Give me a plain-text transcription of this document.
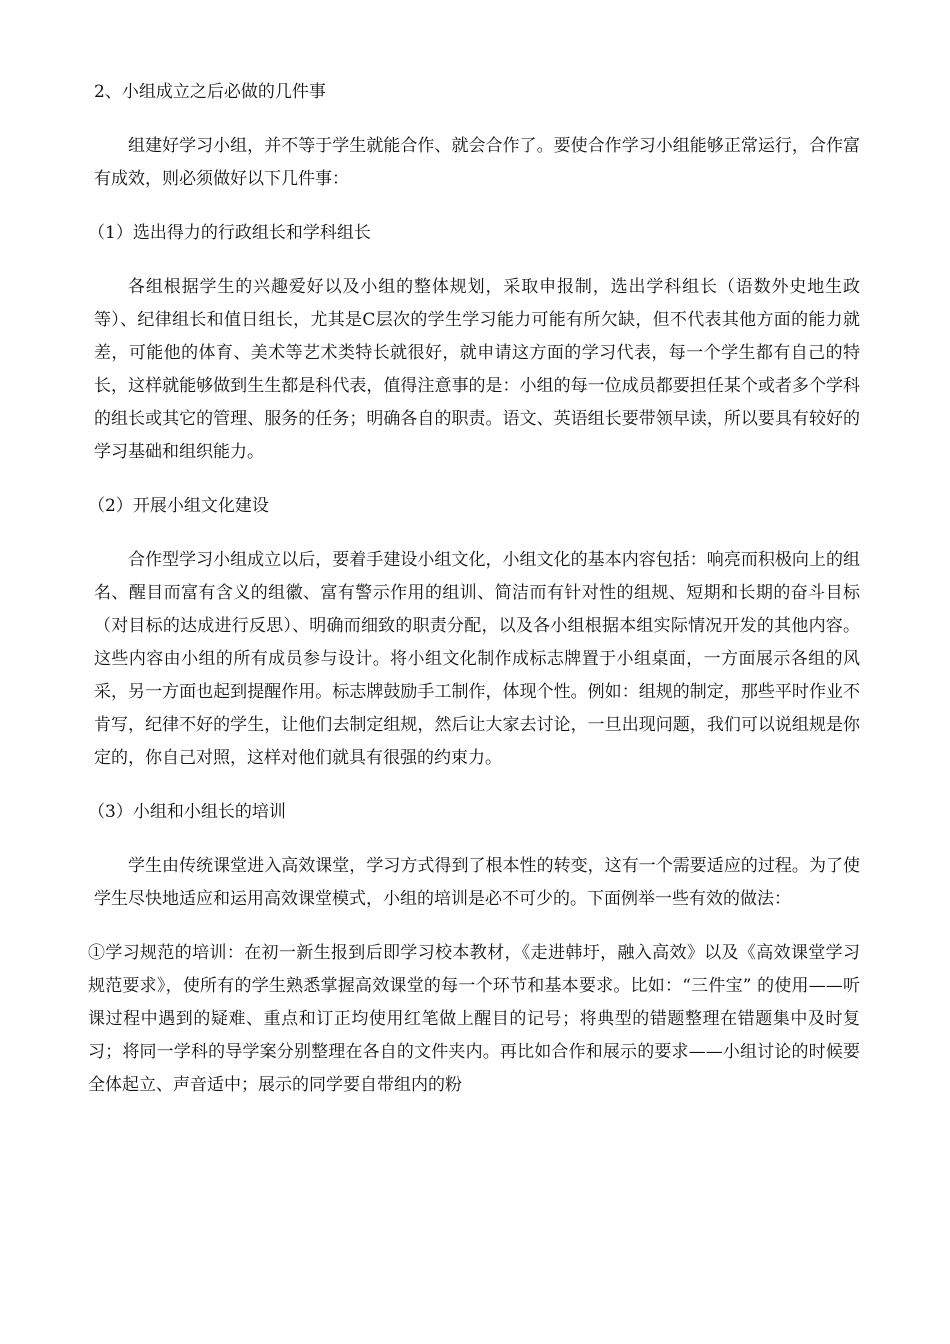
2、小组成立之后必做的几件事

组建好学习小组，并不等于学生就能合作、就会合作了。要使合作学习小组能够正常运行，合作富有成效，则必须做好以下几件事：

（1）选出得力的行政组长和学科组长

各组根据学生的兴趣爱好以及小组的整体规划，采取申报制，选出学科组长（语数外史地生政等）、纪律组长和值日组长，尤其是C层次的学生学习能力可能有所欠缺，但不代表其他方面的能力就差，可能他的体育、美术等艺术类特长就很好，就申请这方面的学习代表，每一个学生都有自己的特长，这样就能够做到生生都是科代表，值得注意事的是：小组的每一位成员都要担任某个或者多个学科的组长或其它的管理、服务的任务；明确各自的职责。语文、英语组长要带领早读，所以要具有较好的学习基础和组织能力。

（2）开展小组文化建设

合作型学习小组成立以后，要着手建设小组文化，小组文化的基本内容包括：响亮而积极向上的组名、醒目而富有含义的组徽、富有警示作用的组训、简洁而有针对性的组规、短期和长期的奋斗目标（对目标的达成进行反思）、明确而细致的职责分配，以及各小组根据本组实际情况开发的其他内容。这些内容由小组的所有成员参与设计。将小组文化制作成标志牌置于小组桌面，一方面展示各组的风采，另一方面也起到提醒作用。标志牌鼓励手工制作，体现个性。例如：组规的制定，那些平时作业不肯写，纪律不好的学生，让他们去制定组规，然后让大家去讨论，一旦出现问题，我们可以说组规是你定的，你自己对照，这样对他们就具有很强的约束力。

（3）小组和小组长的培训

学生由传统课堂进入高效课堂，学习方式得到了根本性的转变，这有一个需要适应的过程。为了使学生尽快地适应和运用高效课堂模式，小组的培训是必不可少的。下面例举一些有效的做法：

①学习规范的培训：在初一新生报到后即学习校本教材，《走进韩圩，融入高效》以及《高效课堂学习规范要求》，使所有的学生熟悉掌握高效课堂的每一个环节和基本要求。比如：“三件宝” 的使用——听课过程中遇到的疑难、重点和订正均使用红笔做上醒目的记号；将典型的错题整理在错题集中及时复习；将同一学科的导学案分别整理在各自的文件夹内。再比如合作和展示的要求——小组讨论的时候要全体起立、声音适中；展示的同学要自带组内的粉
